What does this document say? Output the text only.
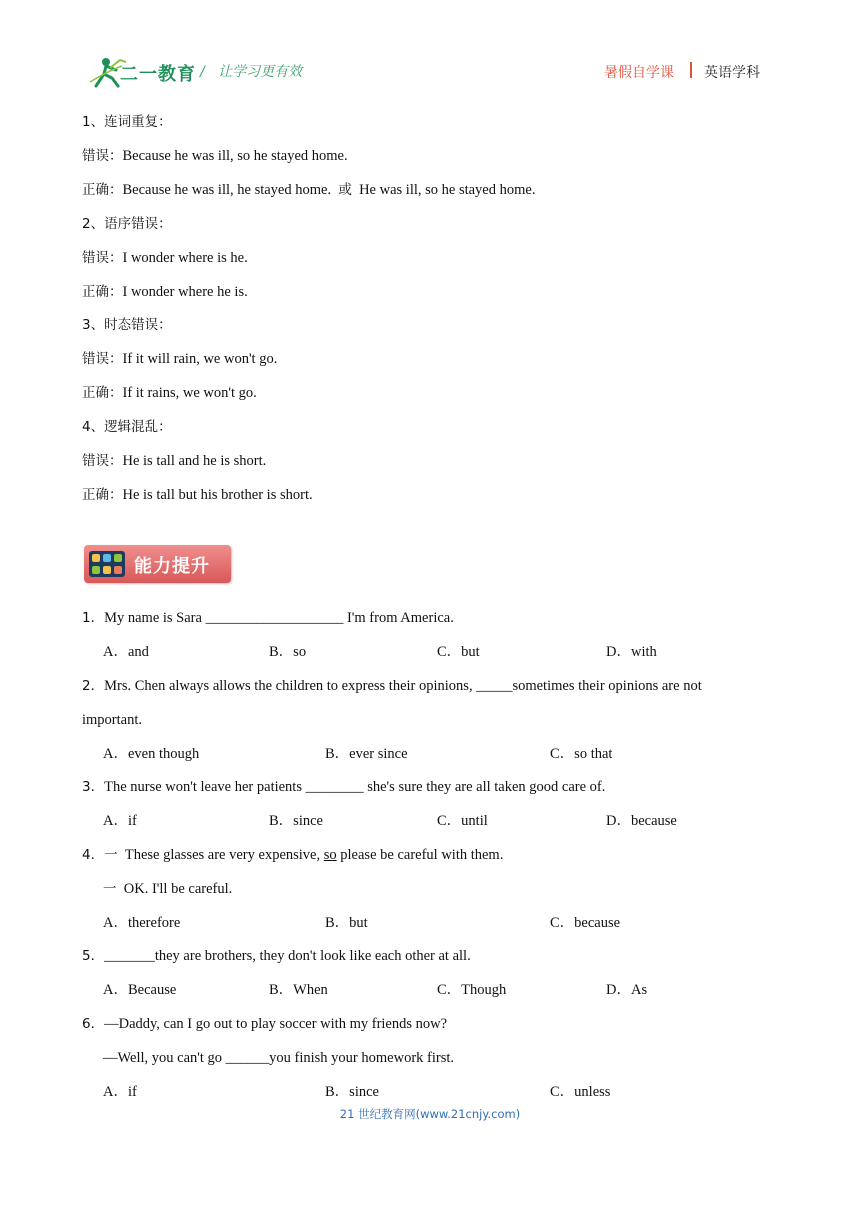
二一教育 / 让学习更有效	暑假自学课 英语学科
1、连词重复：
错误：Because he was ill, so he stayed home.
正确：Because he was ill, he stayed home. 或 He was ill, so he stayed home.
2、语序错误：
错误：I wonder where is he.
正确：I wonder where he is.
3、时态错误：
错误：If it will rain, we won't go.
正确：If it rains, we won't go.
4、逻辑混乱：
错误：He is tall and he is short.
正确：He is tall but his brother is short.
能力提升
1．My name is Sara ___________________ I'm from America.
A．and	B．so	C．but	D．with
2．Mrs. Chen always allows the children to express their opinions, _____sometimes their opinions are not
important.
A．even though	B．ever since	C．so that
3．The nurse won't leave her patients ________ she's sure they are all taken good care of.
A．if	B．since	C．until	D．because
4．一 These glasses are very expensive, so please be careful with them.
一 OK. I'll be careful.
A．therefore	B．but	C．because
5．_______they are brothers, they don't look like each other at all.
A．Because	B．When	C．Though	D．As
6．—Daddy, can I go out to play soccer with my friends now?
—Well, you can't go ______you finish your homework first.
A．if	B．since	C．unless
21 世纪教育网(www.21cnjy.com)
